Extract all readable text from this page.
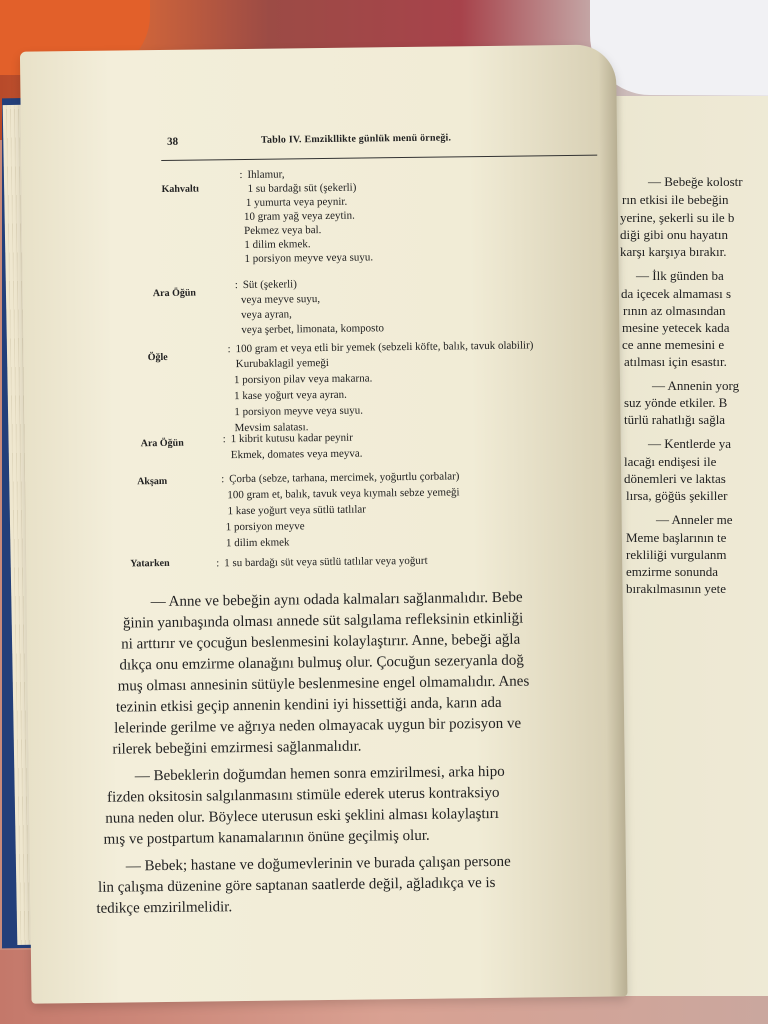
— Bebeğe kolostr
rın etkisi ile bebeğin
yerine, şekerli su ile b
diği gibi onu hayatın
karşı karşıya bırakır.
— İlk günden ba
da içecek almaması s
rının az olmasından
mesine yetecek kada
ce anne memesini e
atılması için esastır.
— Annenin yorg
suz yönde etkiler. B
türlü rahatlığı sağla
— Kentlerde ya
lacağı endişesi ile
dönemleri ve laktas
lırsa, göğüs şekiller
— Anneler me
Meme başlarının te
rekliliği vurgulanm
emzirme sonunda
bırakılmasının yete
38	Tablo IV. Emzikllikte günlük menü örneği.
Kahvaltı
: Ihlamur,
1 su bardağı süt (şekerli)
1 yumurta veya peynir.
10 gram yağ veya zeytin.
Pekmez veya bal.
1 dilim ekmek.
1 porsiyon meyve veya suyu.
Ara Öğün
: Süt (şekerli)
veya meyve suyu,
veya ayran,
veya şerbet, limonata, komposto
Öğle
: 100 gram et veya etli bir yemek (sebzeli köfte, balık, tavuk olabilir)
Kurubaklagil yemeği
1 porsiyon pilav veya makarna.
1 kase yoğurt veya ayran.
1 porsiyon meyve veya suyu.
Mevsim salatası.
Ara Öğün	: 1 kibrit kutusu kadar peynir
Ekmek, domates veya meyva.
Akşam	: Çorba (sebze, tarhana, mercimek, yoğurtlu çorbalar)
100 gram et, balık, tavuk veya kıymalı sebze yemeği
1 kase yoğurt veya sütlü tatlılar
1 porsiyon meyve
1 dilim ekmek
Yatarken	: 1 su bardağı süt veya sütlü tatlılar veya yoğurt
— Anne ve bebeğin aynı odada kalmaları sağlanmalıdır. Bebe
ğinin yanıbaşında olması annede süt salgılama refleksinin etkinliği
ni arttırır ve çocuğun beslenmesini kolaylaştırır. Anne, bebeği ağla
dıkça onu emzirme olanağını bulmuş olur. Çocuğun sezeryanla doğ
muş olması annesinin sütüyle beslenmesine engel olmamalıdır. Anes
tezinin etkisi geçip annenin kendini iyi hissettiği anda, karın ada
lelerinde gerilme ve ağrıya neden olmayacak uygun bir pozisyon ve
rilerek bebeğini emzirmesi sağlanmalıdır.
— Bebeklerin doğumdan hemen sonra emzirilmesi, arka hipo
fizden oksitosin salgılanmasını stimüle ederek uterus kontraksiyo
nuna neden olur. Böylece uterusun eski şeklini alması kolaylaştırı
mış ve postpartum kanamalarının önüne geçilmiş olur.
— Bebek; hastane ve doğumevlerinin ve burada çalışan persone
lin çalışma düzenine göre saptanan saatlerde değil, ağladıkça ve is
tedikçe emzirilmelidir.
